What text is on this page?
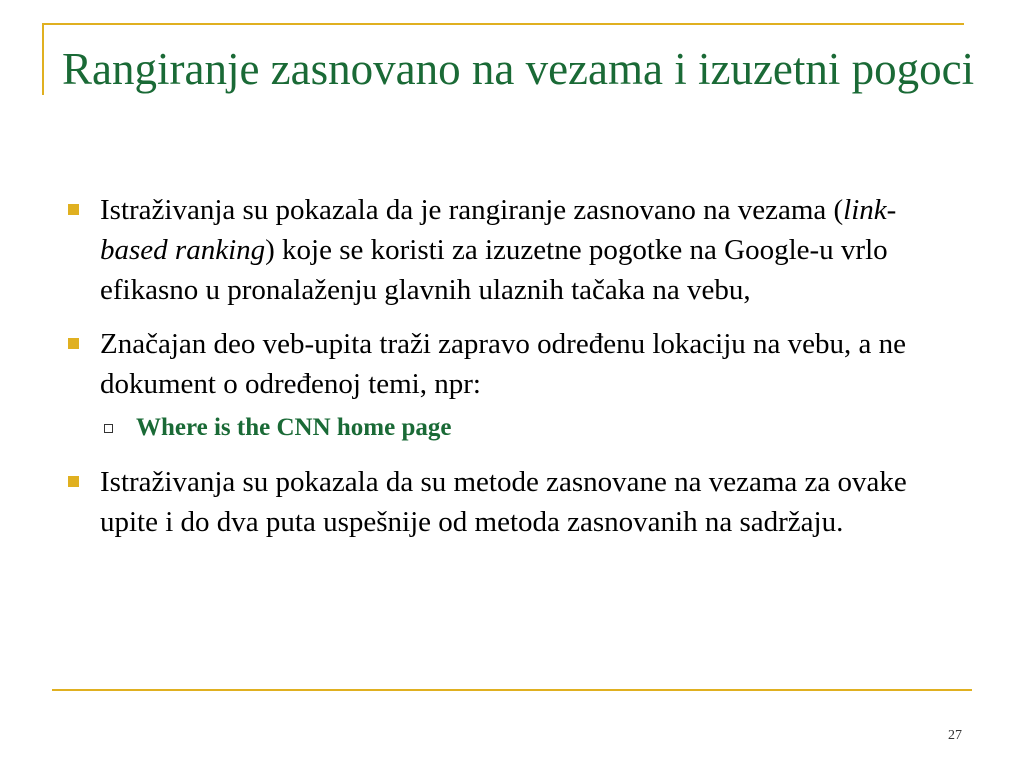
Rangiranje zasnovano na vezama i izuzetni pogoci
Istraživanja su pokazala da je rangiranje zasnovano na vezama (link-based ranking) koje se koristi za izuzetne pogotke na Google-u vrlo efikasno u pronalaženju glavnih ulaznih tačaka na vebu,
Značajan deo veb-upita traži zapravo određenu lokaciju na vebu, a ne dokument o određenoj temi, npr:
Where is the CNN home page
Istraživanja su pokazala da su metode zasnovane na vezama za ovake upite i do dva puta uspešnije od metoda zasnovanih na sadržaju.
27
